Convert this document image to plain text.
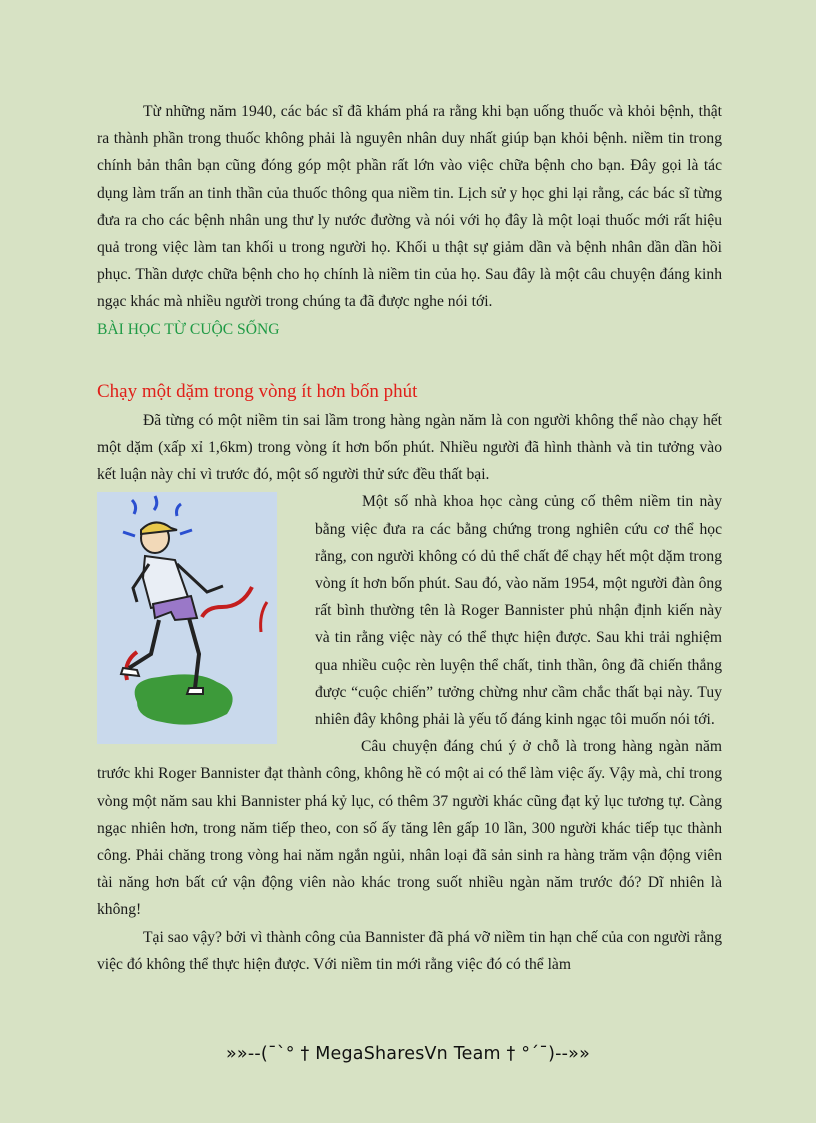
Từ những năm 1940, các bác sĩ đã khám phá ra rằng khi bạn uống thuốc và khỏi bệnh, thật ra thành phần trong thuốc không phải là nguyên nhân duy nhất giúp bạn khỏi bệnh. niềm tin trong chính bản thân bạn cũng đóng góp một phần rất lớn vào việc chữa bệnh cho bạn. Đây gọi là tác dụng làm trấn an tinh thần của thuốc thông qua niềm tin. Lịch sử y học ghi lại rằng, các bác sĩ từng đưa ra cho các bệnh nhân ung thư ly nước đường và nói với họ đây là một loại thuốc mới rất hiệu quả trong việc làm tan khối u trong người họ. Khối u thật sự giảm dần và bệnh nhân dần dần hồi phục. Thần dược chữa bệnh cho họ chính là niềm tin của họ. Sau đây là một câu chuyện đáng kinh ngạc khác mà nhiều người trong chúng ta đã được nghe nói tới.

BÀI HỌC TỪ CUỘC SỐNG
Chạy một dặm trong vòng ít hơn bốn phút

Đã từng có một niềm tin sai lầm trong hàng ngàn năm là con người không thể nào chạy hết một dặm (xấp xỉ 1,6km) trong vòng ít hơn bốn phút. Nhiều người đã hình thành và tin tưởng vào kết luận này chỉ vì trước đó, một số người thử sức đều thất bại.

Một số nhà khoa học càng củng cố thêm niềm tin này bằng việc đưa ra các bằng chứng trong nghiên cứu cơ thể học rằng, con người không có dủ thể chất để chạy hết một dặm trong vòng ít hơn bốn phút. Sau đó, vào năm 1954, một người đàn ông rất bình thường tên là Roger Bannister phủ nhận định kiến này và tin rằng việc này có thể thực hiện được. Sau khi trải nghiệm qua nhiều cuộc rèn luyện thể chất, tinh thần, ông đã chiến thắng được “cuộc chiến” tưởng chừng như cầm chắc thất bại này. Tuy nhiên đây không phải là yếu tố đáng kinh ngạc tôi muốn nói tới.

Câu chuyện đáng chú ý ở chỗ là trong hàng ngàn năm trước khi Roger Bannister đạt thành công, không hề có một ai có thể làm việc ấy. Vậy mà, chỉ trong vòng một năm sau khi Bannister phá kỷ lục, có thêm 37 người khác cũng đạt kỷ lục tương tự. Càng ngạc nhiên hơn, trong năm tiếp theo, con số ấy tăng lên gấp 10 lần, 300 người khác tiếp tục thành công. Phải chăng trong vòng hai năm ngắn ngủi, nhân loại đã sản sinh ra hàng trăm vận động viên tài năng hơn bất cứ vận động viên nào khác trong suốt nhiều ngàn năm trước đó? Dĩ nhiên là không!

Tại sao vậy? bởi vì thành công của Bannister đã phá vỡ niềm tin hạn chế của con người rằng việc đó không thể thực hiện được. Với niềm tin mới rằng việc đó có thể làm

»»--(¯`° † MegaSharesVn Team † °´¯)--»»
